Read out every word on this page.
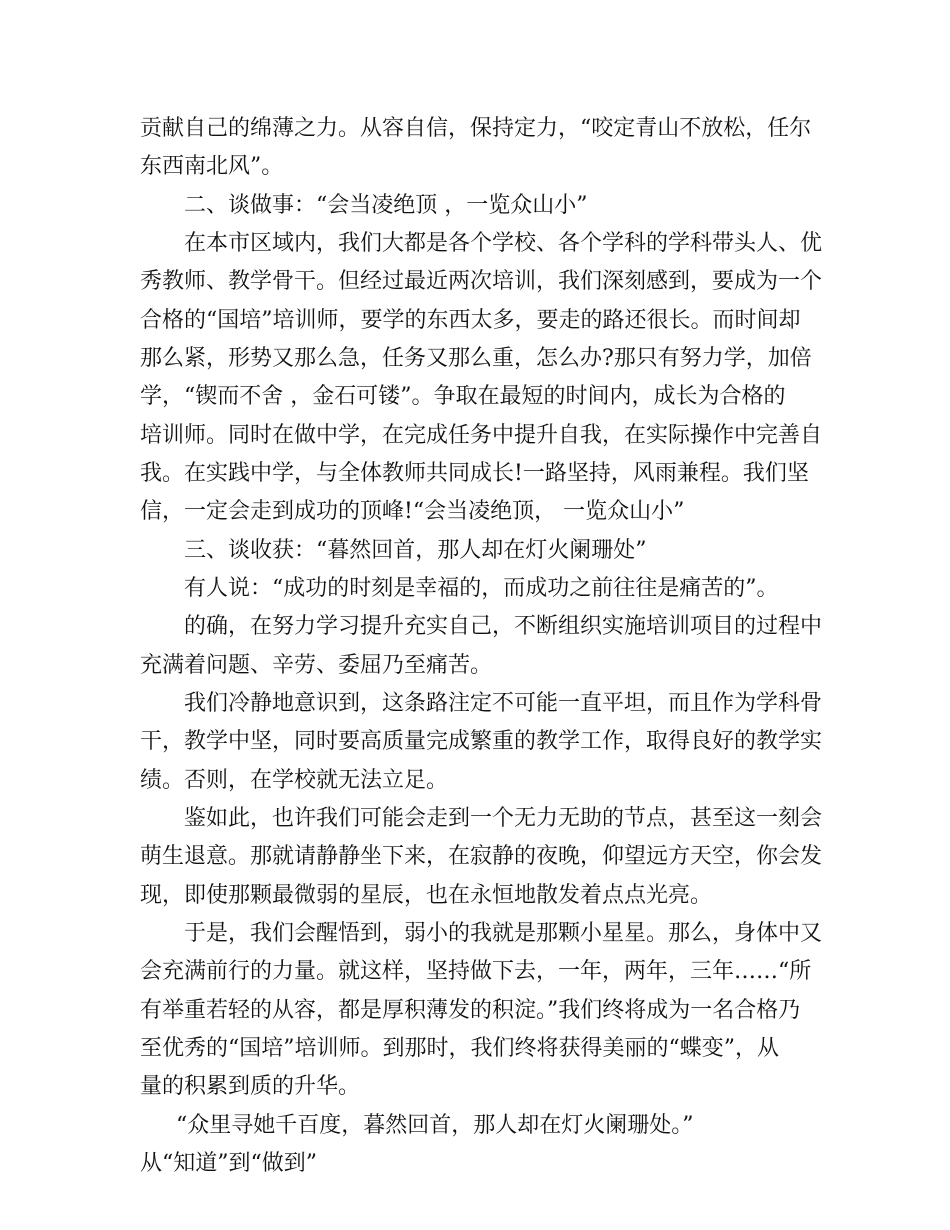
贡献自己的绵薄之力。从容自信，保持定力，“咬定青山不放松，任尔

东西南北风”。

二、谈做事：“会当凌绝顶 ，一览众山小”

在本市区域内，我们大都是各个学校、各个学科的学科带头人、优

秀教师、教学骨干。但经过最近两次培训，我们深刻感到，要成为一个

合格的“国培”培训师，要学的东西太多，要走的路还很长。而时间却

那么紧，形势又那么急，任务又那么重，怎么办?那只有努力学，加倍

学，“锲而不舍 ，金石可镂”。争取在最短的时间内，成长为合格的

培训师。同时在做中学，在完成任务中提升自我，在实际操作中完善自

我。在实践中学，与全体教师共同成长!一路坚持，风雨兼程。我们坚

信，一定会走到成功的顶峰!“会当凌绝顶， 一览众山小”

三、谈收获：“暮然回首，那人却在灯火阑珊处”

有人说：“成功的时刻是幸福的，而成功之前往往是痛苦的”。

的确，在努力学习提升充实自己，不断组织实施培训项目的过程中

充满着问题、辛劳、委屈乃至痛苦。

我们冷静地意识到，这条路注定不可能一直平坦，而且作为学科骨

干，教学中坚，同时要高质量完成繁重的教学工作，取得良好的教学实

绩。否则，在学校就无法立足。

鉴如此，也许我们可能会走到一个无力无助的节点，甚至这一刻会

萌生退意。那就请静静坐下来，在寂静的夜晚，仰望远方天空，你会发

现，即使那颗最微弱的星辰，也在永恒地散发着点点光亮。

于是，我们会醒悟到，弱小的我就是那颗小星星。那么，身体中又

会充满前行的力量。就这样，坚持做下去，一年，两年，三年……“所

有举重若轻的从容，都是厚积薄发的积淀。”我们终将成为一名合格乃

至优秀的“国培”培训师。到那时，我们终将获得美丽的“蝶变”，从

量的积累到质的升华。

“众里寻她千百度，暮然回首，那人却在灯火阑珊处。”

从“知道”到“做到”
